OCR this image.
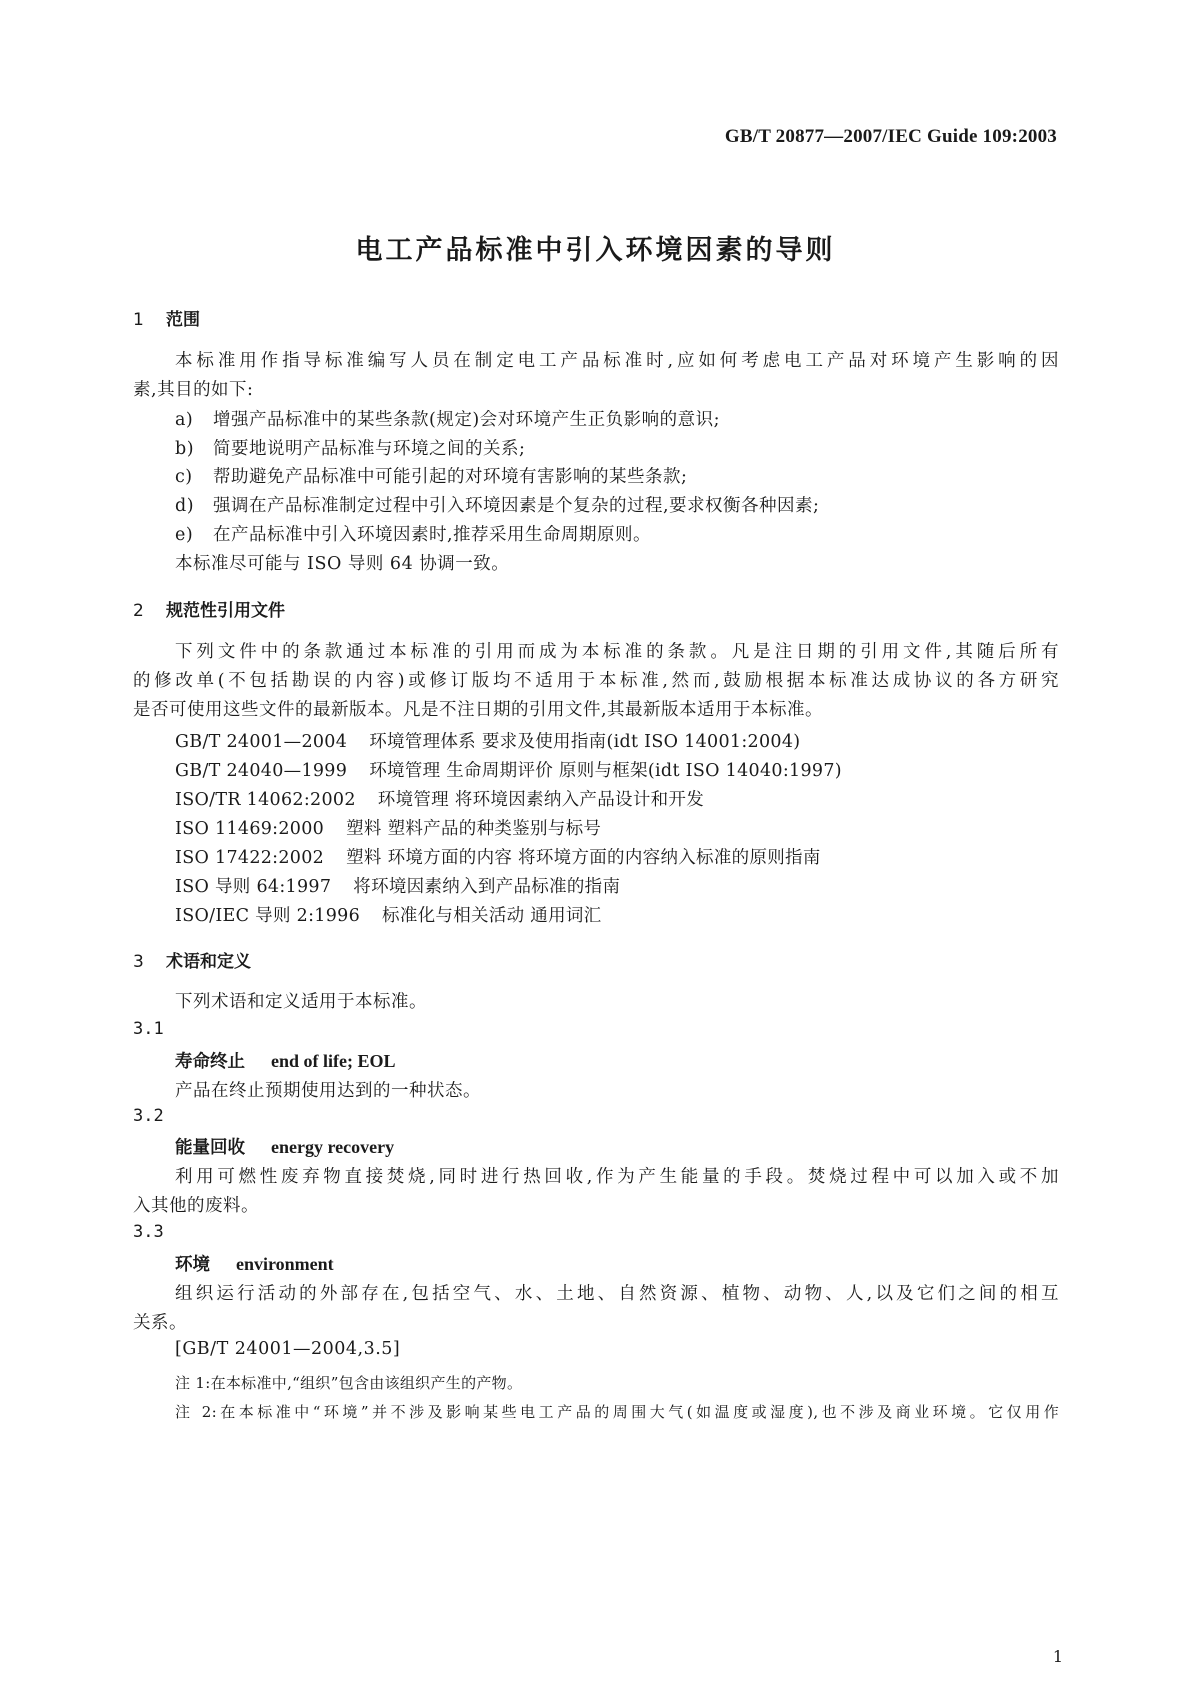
GB/T 20877—2007/IEC Guide 109:2003
电工产品标准中引入环境因素的导则
1 范围
本标准用作指导标准编写人员在制定电工产品标准时,应如何考虑电工产品对环境产生影响的因
素,其目的如下:
a) 增强产品标准中的某些条款(规定)会对环境产生正负影响的意识;
b) 简要地说明产品标准与环境之间的关系;
c) 帮助避免产品标准中可能引起的对环境有害影响的某些条款;
d) 强调在产品标准制定过程中引入环境因素是个复杂的过程,要求权衡各种因素;
e) 在产品标准中引入环境因素时,推荐采用生命周期原则。
本标准尽可能与 ISO 导则 64 协调一致。
2 规范性引用文件
下列文件中的条款通过本标准的引用而成为本标准的条款。凡是注日期的引用文件,其随后所有
的修改单(不包括勘误的内容)或修订版均不适用于本标准,然而,鼓励根据本标准达成协议的各方研究
是否可使用这些文件的最新版本。凡是不注日期的引用文件,其最新版本适用于本标准。
GB/T 24001—2004 环境管理体系 要求及使用指南(idt ISO 14001:2004)
GB/T 24040—1999 环境管理 生命周期评价 原则与框架(idt ISO 14040:1997)
ISO/TR 14062:2002 环境管理 将环境因素纳入产品设计和开发
ISO 11469:2000 塑料 塑料产品的种类鉴别与标号
ISO 17422:2002 塑料 环境方面的内容 将环境方面的内容纳入标准的原则指南
ISO 导则 64:1997 将环境因素纳入到产品标准的指南
ISO/IEC 导则 2:1996 标准化与相关活动 通用词汇
3 术语和定义
下列术语和定义适用于本标准。
3.1
寿命终止 end of life; EOL
产品在终止预期使用达到的一种状态。
3.2
能量回收 energy recovery
利用可燃性废弃物直接焚烧,同时进行热回收,作为产生能量的手段。焚烧过程中可以加入或不加
入其他的废料。
3.3
环境 environment
组织运行活动的外部存在,包括空气、水、土地、自然资源、植物、动物、人,以及它们之间的相互
关系。
[GB/T 24001—2004,3.5]
注 1:在本标准中,“组织”包含由该组织产生的产物。
注 2:在本标准中“环境”并不涉及影响某些电工产品的周围大气(如温度或湿度),也不涉及商业环境。它仅用作
1
